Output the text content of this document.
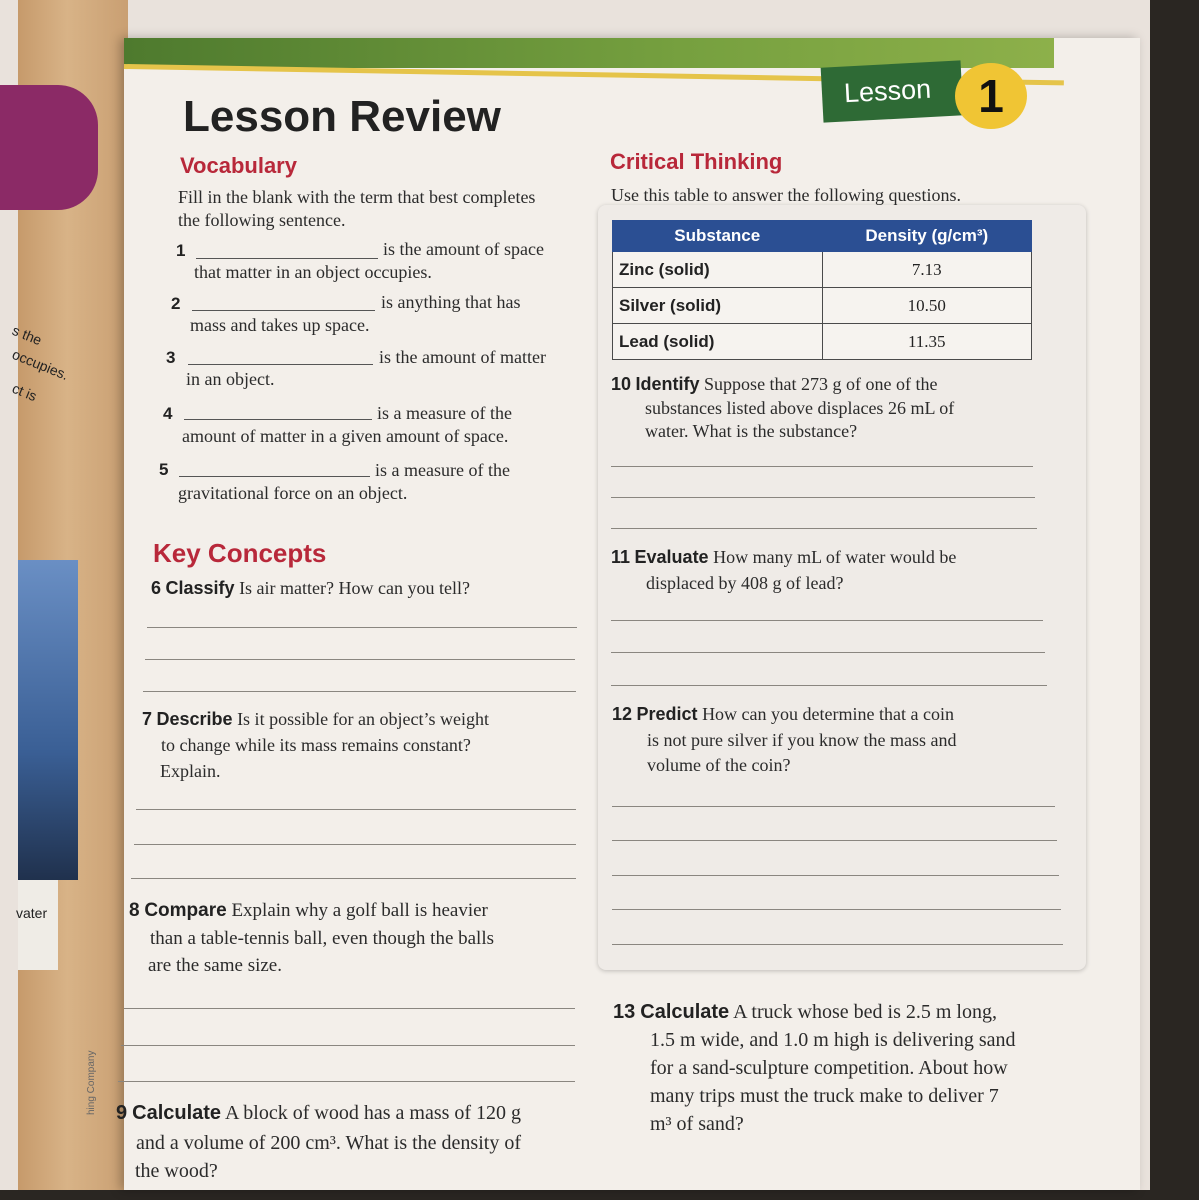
s the
occupies.
ct is
vater
hing Company
Lesson	1
Lesson Review
Vocabulary
Fill in the blank with the term that best completes
the following sentence.
1	is the amount of space
that matter in an object occupies.
2	is anything that has
mass and takes up space.
3	is the amount of matter
in an object.
4	is a measure of the
amount of matter in a given amount of space.
5	is a measure of the
gravitational force on an object.
Key Concepts
6 Classify Is air matter? How can you tell?
7 Describe Is it possible for an object’s weight
to change while its mass remains constant?
Explain.
8 Compare Explain why a golf ball is heavier
than a table-tennis ball, even though the balls
are the same size.
9 Calculate A block of wood has a mass of 120 g
and a volume of 200 cm³. What is the density of
the wood?
Critical Thinking
Use this table to answer the following questions.
Substance	Density (g/cm³)
Zinc (solid)	7.13
Silver (solid)	10.50
Lead (solid)	11.35
10 Identify Suppose that 273 g of one of the
substances listed above displaces 26 mL of
water. What is the substance?
11 Evaluate How many mL of water would be
displaced by 408 g of lead?
12 Predict How can you determine that a coin
is not pure silver if you know the mass and
volume of the coin?
13 Calculate A truck whose bed is 2.5 m long,
1.5 m wide, and 1.0 m high is delivering sand
for a sand-sculpture competition. About how
many trips must the truck make to deliver 7
m³ of sand?
